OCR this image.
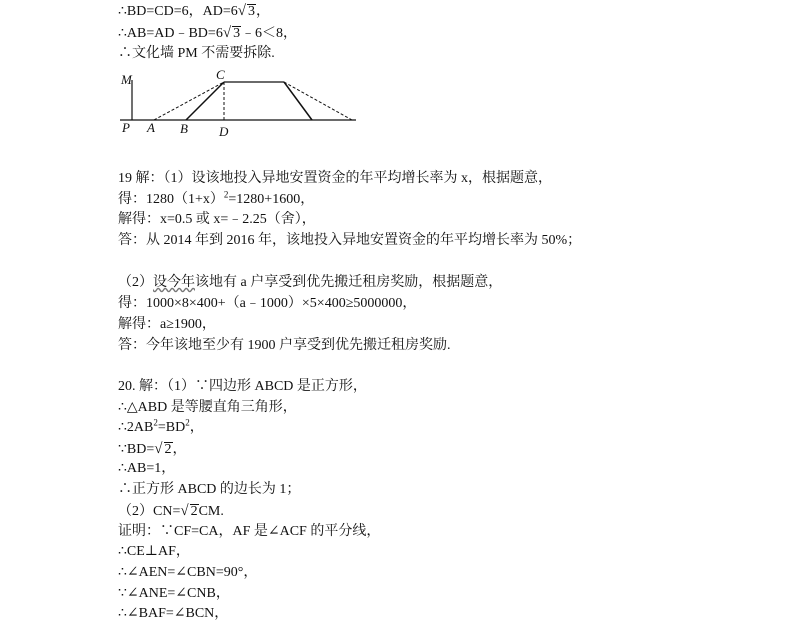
∴BD=CD=6，AD=6√ 3，
∴AB=AD﹣BD=6√ 3﹣6＜8，
∴文化墙 PM 不需要拆除.
M	C
P A B D
19 解：（1）设该地投入异地安置资金的年平均增长率为 x，根据题意，
得：$1280(1+x)^2=1280+1600$，
解得：x=0.5 或 x=﹣2.25（舍），
答：从 2014 年到 2016 年，该地投入异地安置资金的年平均增长率为 50%；
（2）设今年该地有 a 户享受到优先搬迁租房奖励，根据题意，
得：1000×8×400+（a﹣1000）×5×400≥5000000，
解得：a≥1900，
答：今年该地至少有 1900 户享受到优先搬迁租房奖励.
20. 解：（1）∵四边形 ABCD 是正方形，
∴△ABD 是等腰直角三角形，
$\therefore 2AB^2=BD^2$，
∵BD=√ 2，
∴AB=1，
∴正方形 ABCD 的边长为 1；
（2）CN=√ 2CM.
证明：∵CF=CA，AF 是∠ACF 的平分线，
∴CE⊥AF，
∴∠AEN=∠CBN=90°，
∵∠ANE=∠CNB，
∴∠BAF=∠BCN，
